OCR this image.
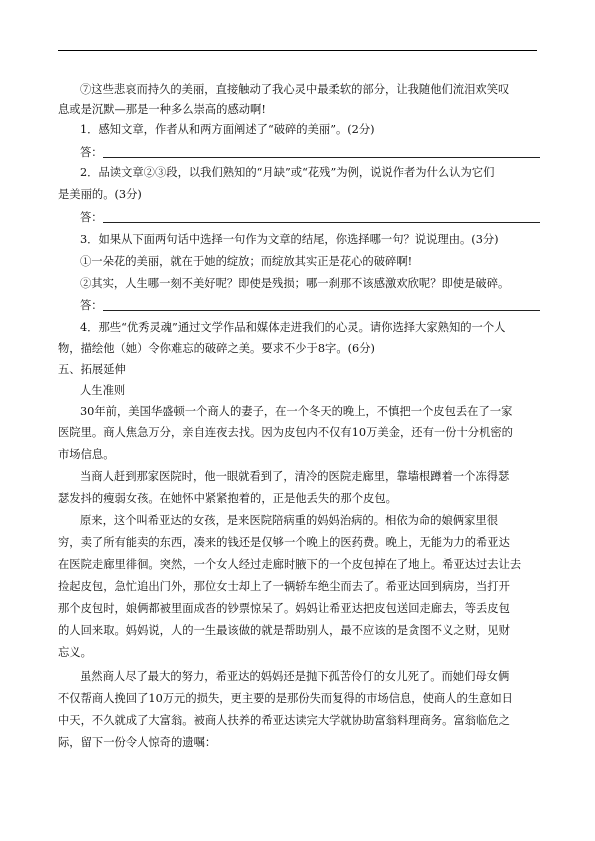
⑦这些悲哀而持久的美丽，直接触动了我心灵中最柔软的部分，让我随他们流泪欢笑叹
息或是沉默—那是一种多么崇高的感动啊!
1．感知文章，作者从和两方面阐述了“破碎的美丽”。(2分)
答：
2．品读文章②③段，以我们熟知的“月缺”或“花残”为例，说说作者为什么认为它们
是美丽的。(3分)
答：
3．如果从下面两句话中选择一句作为文章的结尾，你选择哪一句？说说理由。(3分)
①一朵花的美丽，就在于她的绽放；而绽放其实正是花心的破碎啊!
②其实，人生哪一刻不美好呢？即使是残损；哪一刹那不该感激欢欣呢？即使是破碎。
答：
4．那些“优秀灵魂”通过文学作品和媒体走进我们的心灵。请你选择大家熟知的一个人
物，描绘他（她）令你难忘的破碎之美。要求不少于8字。(6分)
五、拓展延伸
人生准则
30年前，美国华盛顿一个商人的妻子，在一个冬天的晚上，不慎把一个皮包丢在了一家
医院里。商人焦急万分，亲自连夜去找。因为皮包内不仅有10万美金，还有一份十分机密的
市场信息。
当商人赶到那家医院时，他一眼就看到了，清冷的医院走廊里，靠墙根蹲着一个冻得瑟
瑟发抖的瘦弱女孩。在她怀中紧紧抱着的，正是他丢失的那个皮包。
原来，这个叫希亚达的女孩，是来医院陪病重的妈妈治病的。相依为命的娘俩家里很
穷，卖了所有能卖的东西，凑来的钱还是仅够一个晚上的医药费。晚上，无能为力的希亚达
在医院走廊里徘徊。突然，一个女人经过走廊时腋下的一个皮包掉在了地上。希亚达过去让去
捡起皮包，急忙追出门外，那位女士却上了一辆轿车绝尘而去了。希亚达回到病房，当打开
那个皮包时，娘俩都被里面成沓的钞票惊呆了。妈妈让希亚达把皮包送回走廊去，等丢皮包
的人回来取。妈妈说，人的一生最该做的就是帮助别人，最不应该的是贪图不义之财，见财
忘义。
虽然商人尽了最大的努力，希亚达的妈妈还是抛下孤苦伶仃的女儿死了。而她们母女俩
不仅帮商人挽回了10万元的损失，更主要的是那份失而复得的市场信息，使商人的生意如日
中天，不久就成了大富翁。被商人扶养的希亚达读完大学就协助富翁料理商务。富翁临危之
际，留下一份令人惊奇的遗嘱：
